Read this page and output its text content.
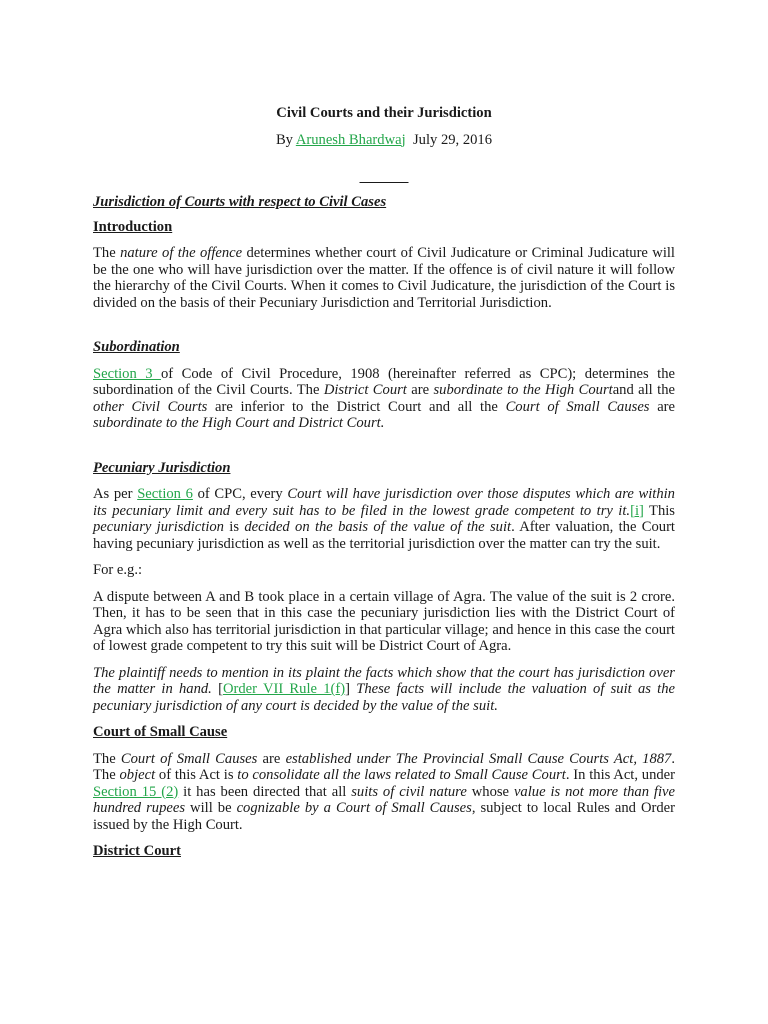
Civil Courts and their Jurisdiction
By Arunesh Bhardwaj  July 29, 2016

Jurisdiction of Courts with respect to Civil Cases

Introduction

The nature of the offence determines whether court of Civil Judicature or Criminal Judicature will be the one who will have jurisdiction over the matter. If the offence is of civil nature it will follow the hierarchy of the Civil Courts. When it comes to Civil Judicature, the jurisdiction of the Court is divided on the basis of their Pecuniary Jurisdiction and Territorial Jurisdiction.

Subordination

Section 3 of Code of Civil Procedure, 1908 (hereinafter referred as CPC); determines the subordination of the Civil Courts. The District Court are subordinate to the High Courtand all the other Civil Courts are inferior to the District Court and all the Court of Small Causes are subordinate to the High Court and District Court.

Pecuniary Jurisdiction

As per Section 6 of CPC, every Court will have jurisdiction over those disputes which are within its pecuniary limit and every suit has to be filed in the lowest grade competent to try it.[i] This pecuniary jurisdiction is decided on the basis of the value of the suit. After valuation, the Court having pecuniary jurisdiction as well as the territorial jurisdiction over the matter can try the suit.

For e.g.:

A dispute between A and B took place in a certain village of Agra. The value of the suit is 2 crore. Then, it has to be seen that in this case the pecuniary jurisdiction lies with the District Court of Agra which also has territorial jurisdiction in that particular village; and hence in this case the court of lowest grade competent to try this suit will be District Court of Agra.

The plaintiff needs to mention in its plaint the facts which show that the court has jurisdiction over the matter in hand. [Order VII Rule 1(f)] These facts will include the valuation of suit as the pecuniary jurisdiction of any court is decided by the value of the suit.

Court of Small Cause

The Court of Small Causes are established under The Provincial Small Cause Courts Act, 1887. The object of this Act is to consolidate all the laws related to Small Cause Court. In this Act, under Section 15 (2) it has been directed that all suits of civil nature whose value is not more than five hundred rupees will be cognizable by a Court of Small Causes, subject to local Rules and Order issued by the High Court.

District Court
